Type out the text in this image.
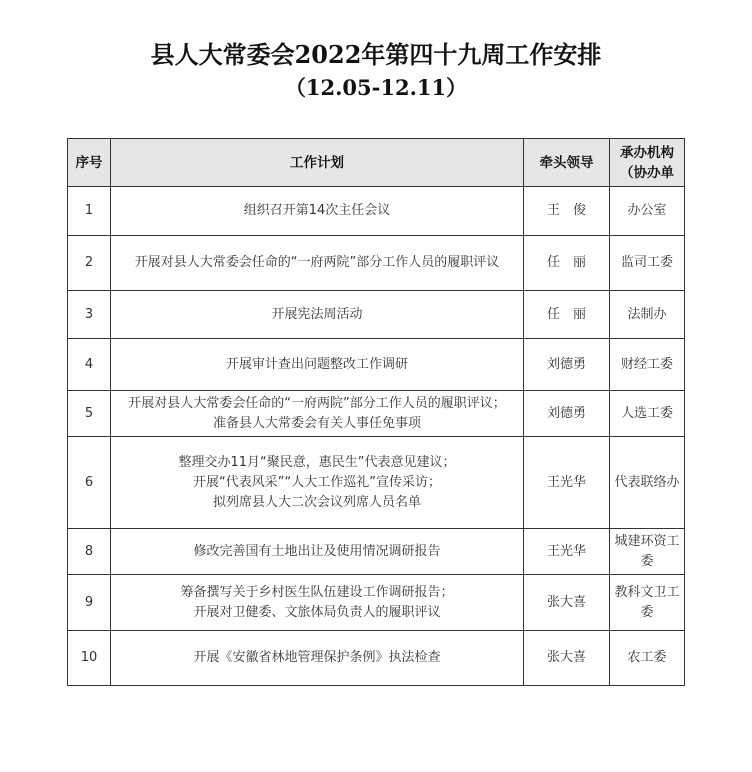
县人大常委会2022年第四十九周工作安排
（12.05-12.11）
序号	工作计划	牵头领导	承办机构（协办单
1	组织召开第14次主任会议	王　俊	办公室
2	开展对县人大常委会任命的“一府两院”部分工作人员的履职评议	任　丽	监司工委
3	开展宪法周活动	任　丽	法制办
4	开展审计查出问题整改工作调研	刘德勇	财经工委
5	开展对县人大常委会任命的“一府两院”部分工作人员的履职评议；
准备县人大常委会有关人事任免事项	刘德勇	人选工委
6	整理交办11月“聚民意，惠民生”代表意见建议；
开展“代表风采”“人大工作巡礼”宣传采访；
拟列席县人大二次会议列席人员名单	王光华	代表联络办
8	修改完善国有土地出让及使用情况调研报告	王光华	城建环资工委
9	筹备撰写关于乡村医生队伍建设工作调研报告；
开展对卫健委、文旅体局负责人的履职评议	张大喜	教科文卫工委
10	开展《安徽省林地管理保护条例》执法检查	张大喜	农工委
